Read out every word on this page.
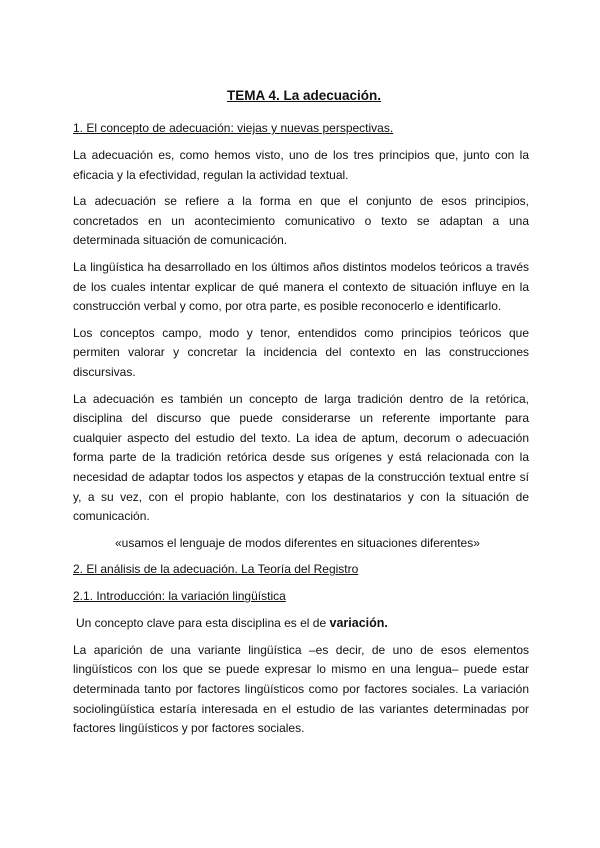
TEMA 4. La adecuación.
1. El concepto de adecuación: viejas y nuevas perspectivas.

La adecuación es, como hemos visto, uno de los tres principios que, junto con la eficacia y la efectividad, regulan la actividad textual.

La adecuación se refiere a la forma en que el conjunto de esos principios, concretados en un acontecimiento comunicativo o texto se adaptan a una determinada situación de comunicación.

La lingüística ha desarrollado en los últimos años distintos modelos teóricos a través de los cuales intentar explicar de qué manera el contexto de situación influye en la construcción verbal y como, por otra parte, es posible reconocerlo e identificarlo.

Los conceptos campo, modo y tenor, entendidos como principios teóricos que permiten valorar y concretar la incidencia del contexto en las construcciones discursivas.

La adecuación es también un concepto de larga tradición dentro de la retórica, disciplina del discurso que puede considerarse un referente importante para cualquier aspecto del estudio del texto. La idea de aptum, decorum o adecuación forma parte de la tradición retórica desde sus orígenes y está relacionada con la necesidad de adaptar todos los aspectos y etapas de la construcción textual entre sí y, a su vez, con el propio hablante, con los destinatarios y con la situación de comunicación.

«usamos el lenguaje de modos diferentes en situaciones diferentes»

2. El análisis de la adecuación. La Teoría del Registro
2.1. Introducción: la variación lingüística

Un concepto clave para esta disciplina es el de variación.

La aparición de una variante lingüística –es decir, de uno de esos elementos lingüísticos con los que se puede expresar lo mismo en una lengua– puede estar determinada tanto por factores lingüísticos como por factores sociales. La variación sociolingüística estaría interesada en el estudio de las variantes determinadas por factores lingüísticos y por factores sociales.
